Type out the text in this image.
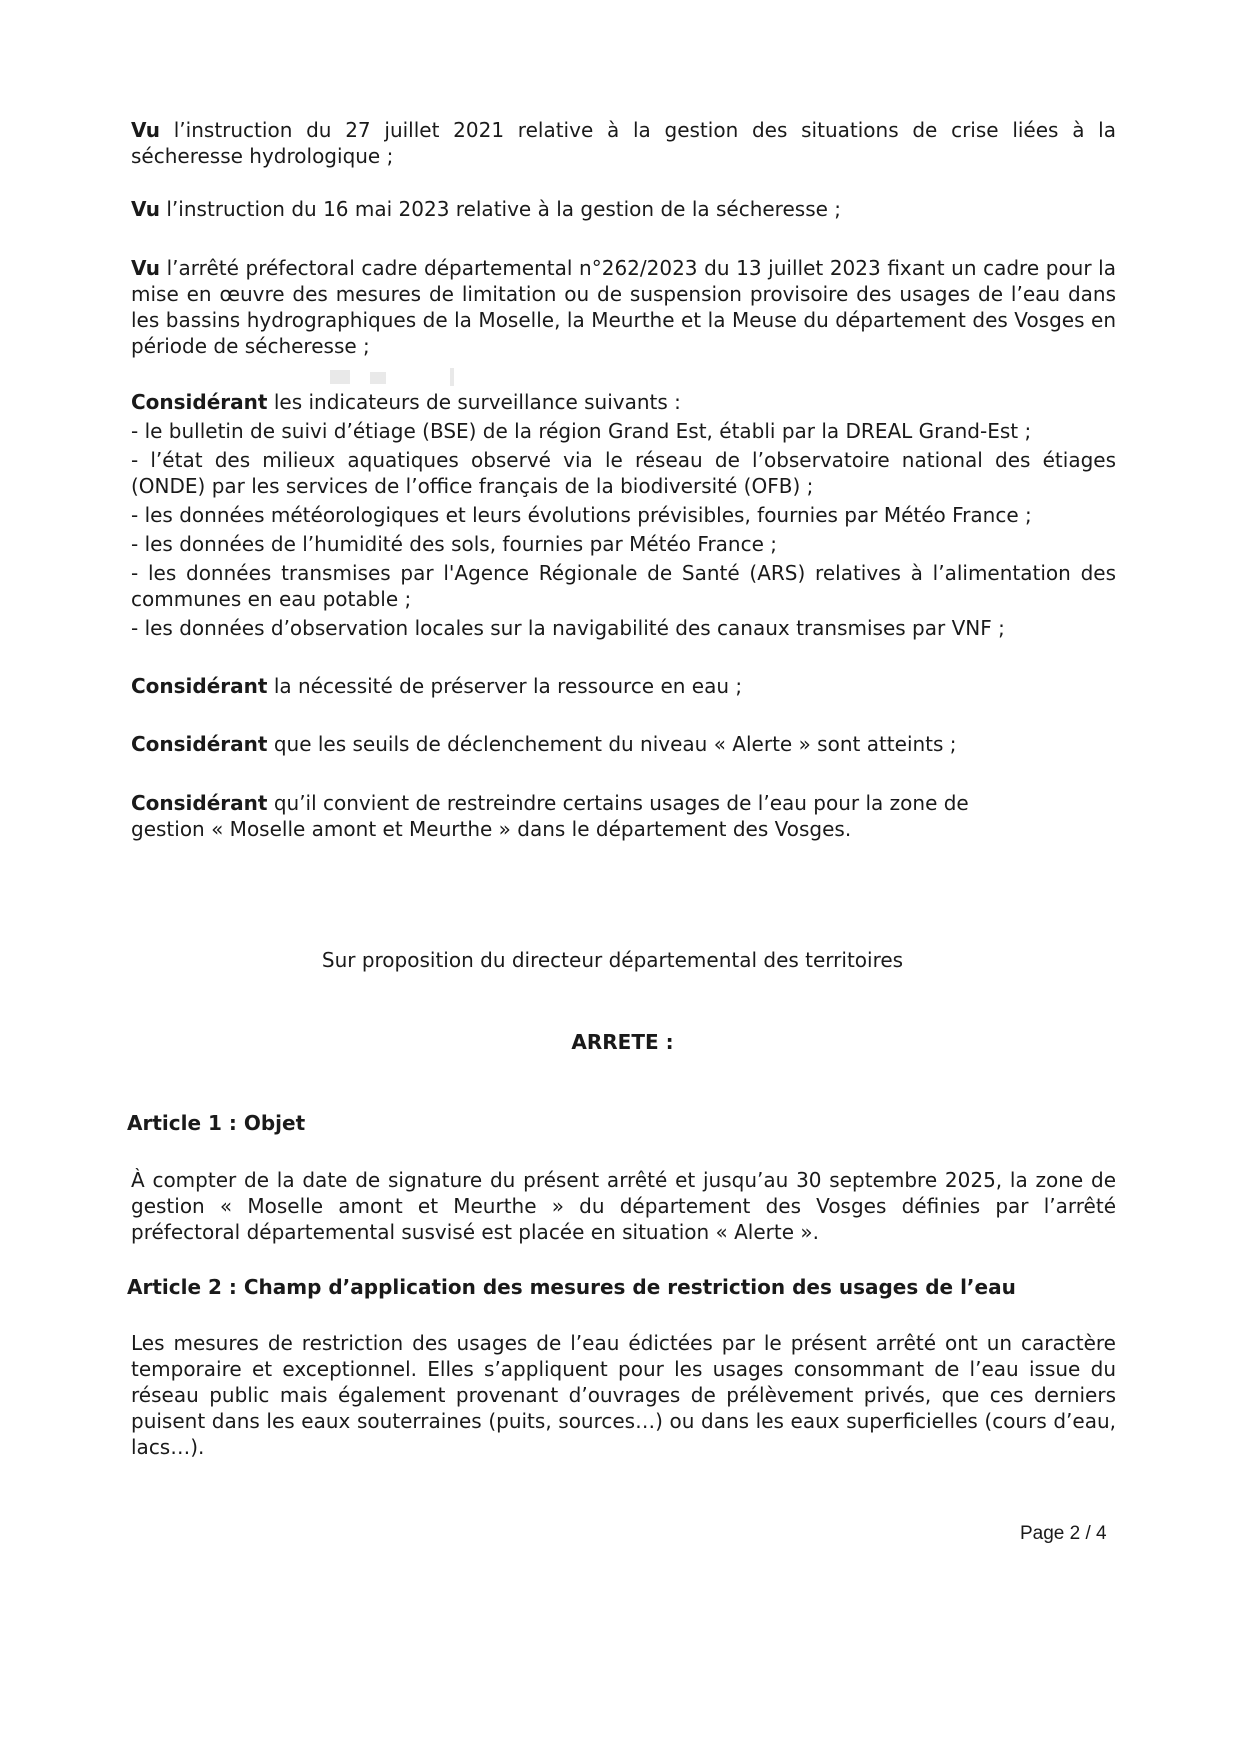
Vu l’instruction du 27 juillet 2021 relative à la gestion des situations de crise liées à la sécheresse hydrologique ;

Vu l’instruction du 16 mai 2023 relative à la gestion de la sécheresse ;

Vu l’arrêté préfectoral cadre départemental n°262/2023 du 13 juillet 2023 fixant un cadre pour la mise en œuvre des mesures de limitation ou de suspension provisoire des usages de l’eau dans les bassins hydrographiques de la Moselle, la Meurthe et la Meuse du département des Vosges en période de sécheresse ;

Considérant les indicateurs de surveillance suivants :

- le bulletin de suivi d’étiage (BSE) de la région Grand Est, établi par la DREAL Grand-Est ;

- l’état des milieux aquatiques observé via le réseau de l’observatoire national des étiages (ONDE) par les services de l’office français de la biodiversité (OFB) ;

- les données météorologiques et leurs évolutions prévisibles, fournies par Météo France ;

- les données de l’humidité des sols, fournies par Météo France ;

- les données transmises par l'Agence Régionale de Santé (ARS) relatives à l’alimentation des communes en eau potable ;

- les données d’observation locales sur la navigabilité des canaux transmises par VNF ;

Considérant la nécessité de préserver la ressource en eau ;

Considérant que les seuils de déclenchement du niveau « Alerte » sont atteints ;

Considérant qu’il convient de restreindre certains usages de l’eau pour la zone de gestion « Moselle amont et Meurthe » dans le département des Vosges.

Sur proposition du directeur départemental des territoires

ARRETE :

Article 1 : Objet

À compter de la date de signature du présent arrêté et jusqu’au 30 septembre 2025, la zone de gestion « Moselle amont et Meurthe » du département des Vosges définies par l’arrêté préfectoral départemental susvisé est placée en situation « Alerte ».

Article 2 : Champ d’application des mesures de restriction des usages de l’eau

Les mesures de restriction des usages de l’eau édictées par le présent arrêté ont un caractère temporaire et exceptionnel. Elles s’appliquent pour les usages consommant de l’eau issue du réseau public mais également provenant d’ouvrages de prélèvement privés, que ces derniers puisent dans les eaux souterraines (puits, sources…) ou dans les eaux superficielles (cours d’eau, lacs…).

Page 2 / 4
